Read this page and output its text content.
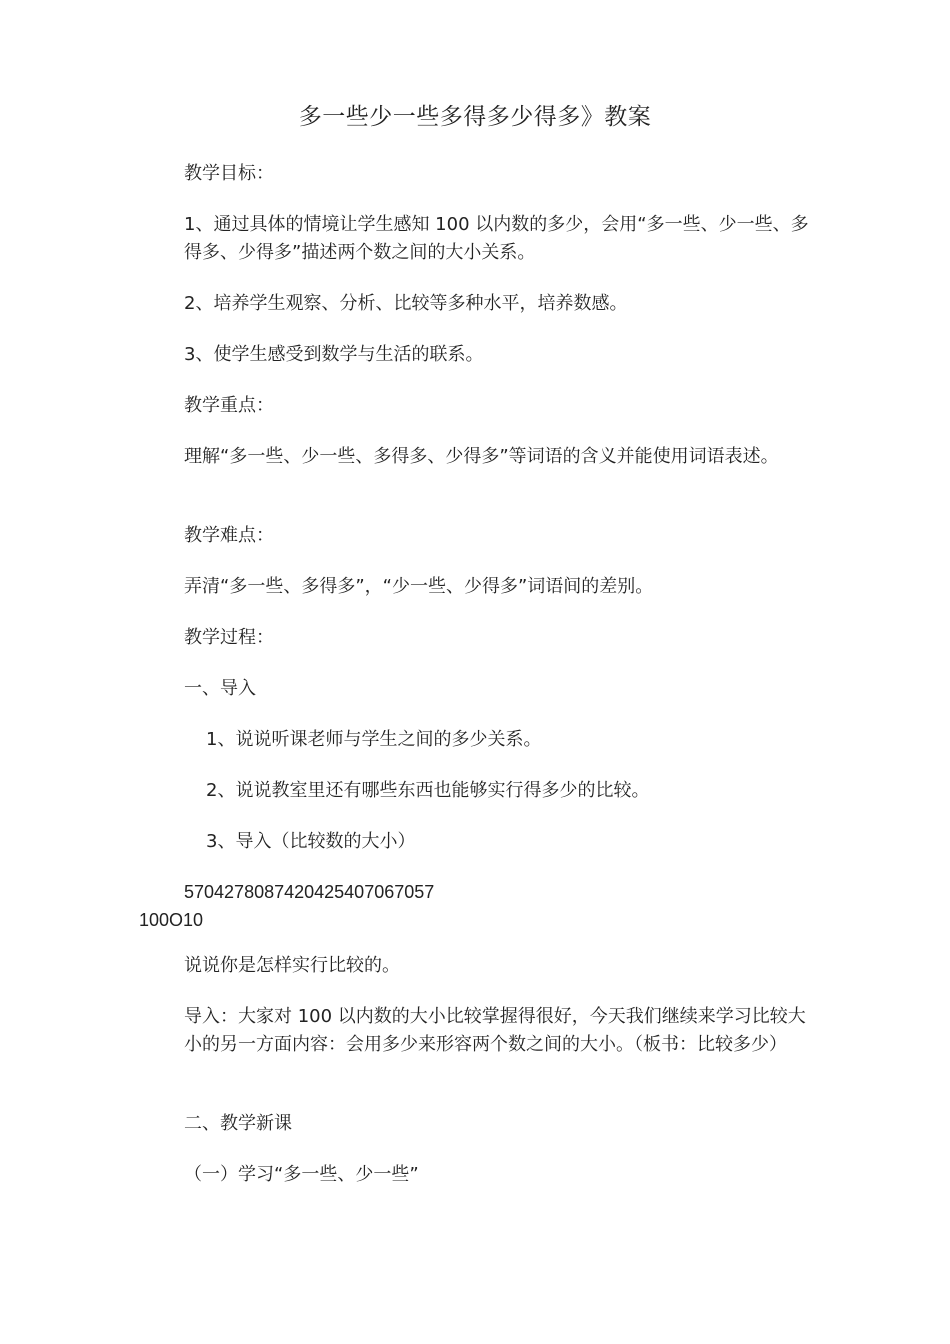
多一些少一些多得多少得多》教案

教学目标：

1、通过具体的情境让学生感知 100 以内数的多少，会用“多一些、少一些、多得多、少得多”描述两个数之间的大小关系。

2、培养学生观察、分析、比较等多种水平，培养数感。

3、使学生感受到数学与生活的联系。

教学重点：

理解“多一些、少一些、多得多、少得多”等词语的含义并能使用词语表述。

教学难点：

弄清“多一些、多得多”，“少一些、少得多”词语间的差别。

教学过程：

一、导入

1、说说听课老师与学生之间的多少关系。

2、说说教室里还有哪些东西也能够实行得多少的比较。

3、导入（比较数的大小）

5704278087420425407067057
100O10

说说你是怎样实行比较的。

导入：大家对 100 以内数的大小比较掌握得很好，今天我们继续来学习比较大小的另一方面内容：会用多少来形容两个数之间的大小。（板书：比较多少）

二、教学新课

（一）学习“多一些、少一些”
